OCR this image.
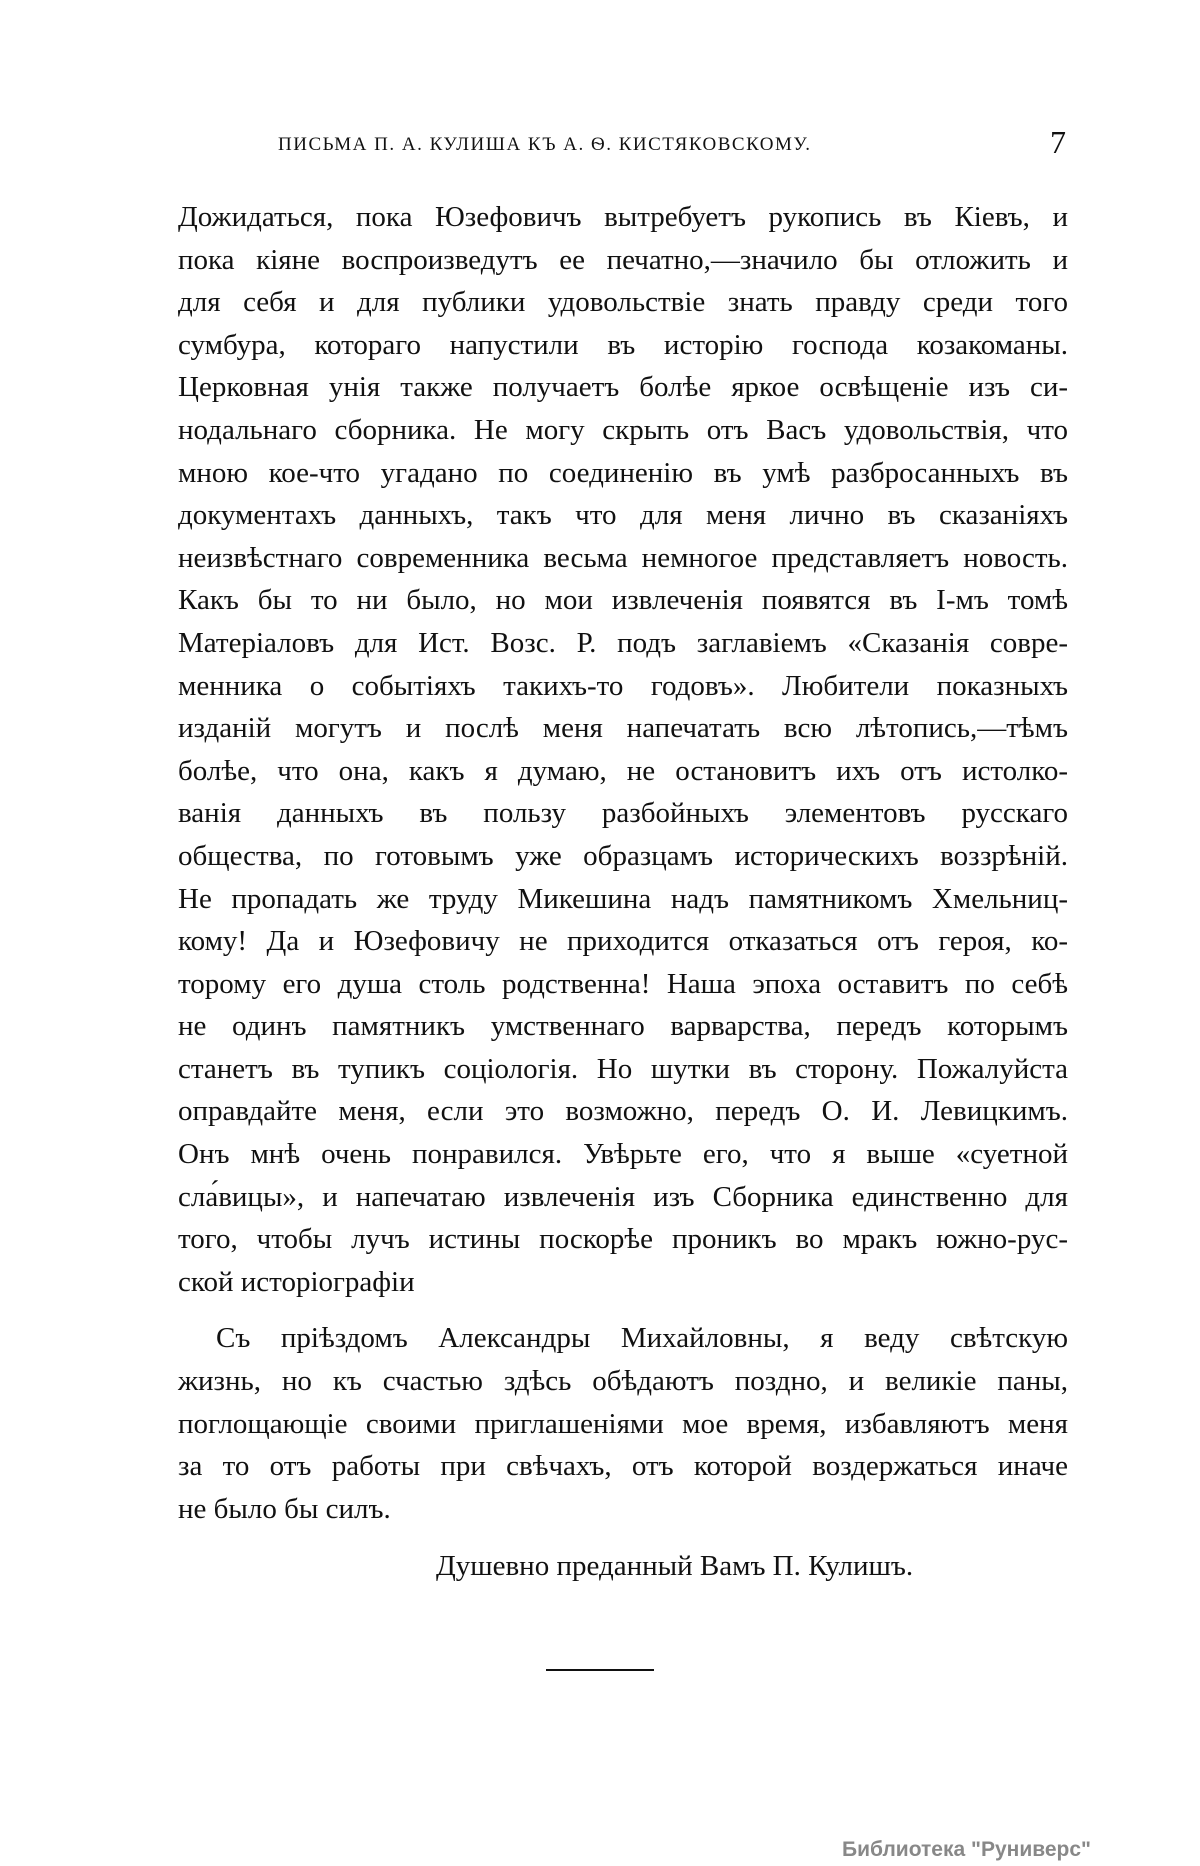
ПИСЬМА П. А. КУЛИША КЪ А. Ѳ. КИСТЯКОВСКОМУ.	7
Дожидаться, пока Юзефовичъ вытребуетъ рукопись въ Кіевъ, и
пока кіяне воспроизведутъ ее печатно,—значило бы отложить и
для себя и для публики удовольствіе знать правду среди того
сумбура, котораго напустили въ исторію господа козакоманы.
Церковная унія также получаетъ болѣе яркое освѣщеніе изъ си-
нодальнаго сборника. Не могу скрыть отъ Васъ удовольствія, что
мною кое-что угадано по соединенію въ умѣ разбросанныхъ въ
документахъ данныхъ, такъ что для меня лично въ сказаніяхъ
неизвѣстнаго современника весьма немногое представляетъ новость.
Какъ бы то ни было, но мои извлеченія появятся въ I-мъ томѣ
Матеріаловъ для Ист. Возс. Р. подъ заглавіемъ «Сказанія совре-
менника о событіяхъ такихъ-то годовъ». Любители показныхъ
изданій могутъ и послѣ меня напечатать всю лѣтопись,—тѣмъ
болѣе, что она, какъ я думаю, не остановитъ ихъ отъ истолко-
ванія данныхъ въ пользу разбойныхъ элементовъ русскаго
общества, по готовымъ уже образцамъ историческихъ воззрѣній.
Не пропадать же труду Микешина надъ памятникомъ Хмельниц-
кому! Да и Юзефовичу не приходится отказаться отъ героя, ко-
торому его душа столь родственна! Наша эпоха оставитъ по себѣ
не одинъ памятникъ умственнаго варварства, передъ которымъ
станетъ въ тупикъ соціологія. Но шутки въ сторону. Пожалуйста
оправдайте меня, если это возможно, передъ О. И. Левицкимъ.
Онъ мнѣ очень понравился. Увѣрьте его, что я выше «суетной
сла́вицы», и напечатаю извлеченія изъ Сборника единственно для
того, чтобы лучъ истины поскорѣе проникъ во мракъ южно-рус-
ской исторіографіи
Съ пріѣздомъ Александры Михайловны, я веду свѣтскую
жизнь, но къ счастью здѣсь обѣдаютъ поздно, и великіе паны,
поглощающіе своими приглашеніями мое время, избавляютъ меня
за то отъ работы при свѣчахъ, отъ которой воздержаться иначе
не было бы силъ.
Душевно преданный Вамъ П. Кулишъ.
Библиотека "Руниверс"
